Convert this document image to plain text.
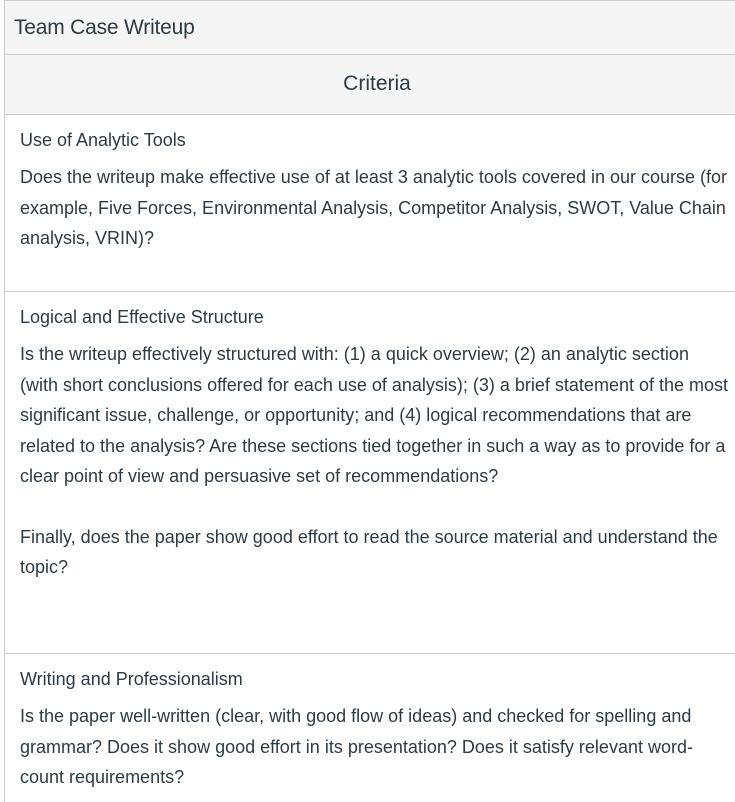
Team Case Writeup
Criteria
Use of Analytic Tools

Does the writeup make effective use of at least 3 analytic tools covered in our course (for example, Five Forces, Environmental Analysis, Competitor Analysis, SWOT, Value Chain analysis, VRIN)?

Logical and Effective Structure

Is the writeup effectively structured with: (1) a quick overview; (2) an analytic section (with short conclusions offered for each use of analysis); (3) a brief statement of the most significant issue, challenge, or opportunity; and (4) logical recommendations that are related to the analysis? Are these sections tied together in such a way as to provide for a clear point of view and persuasive set of recommendations?

Finally, does the paper show good effort to read the source material and understand the topic?

Writing and Professionalism

Is the paper well-written (clear, with good flow of ideas) and checked for spelling and grammar? Does it show good effort in its presentation? Does it satisfy relevant word-count requirements?
